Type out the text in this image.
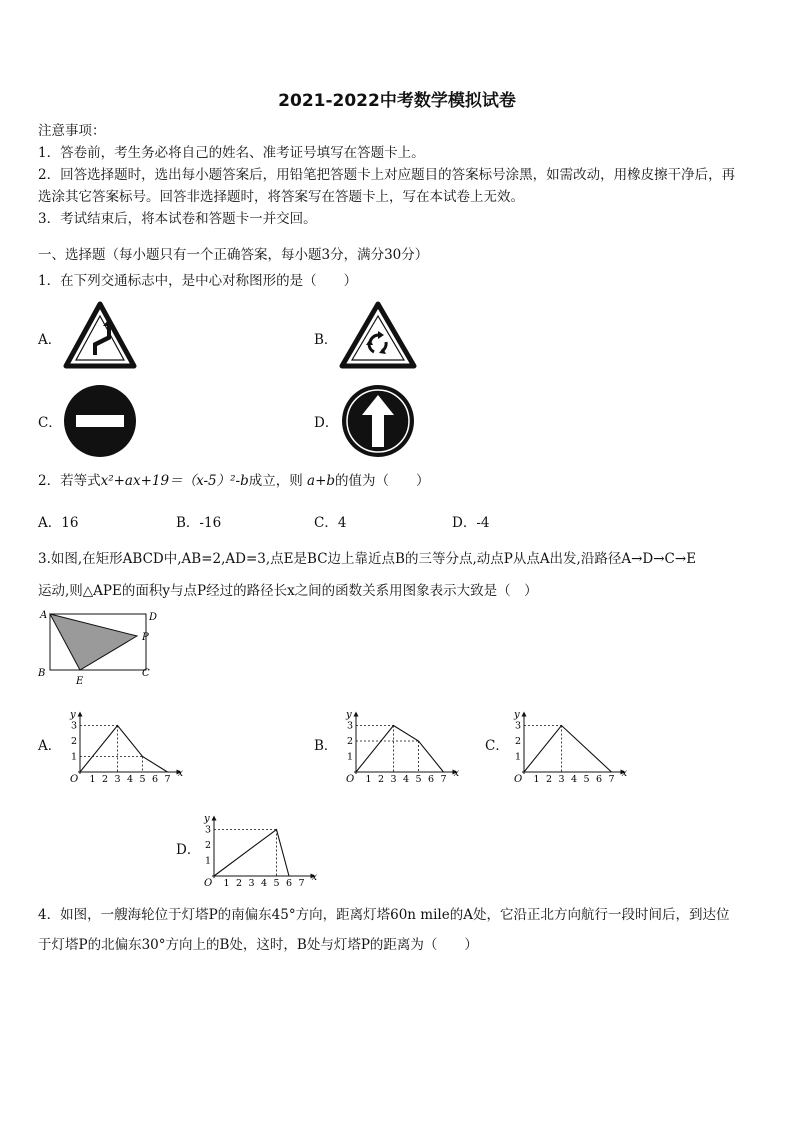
2021-2022中考数学模拟试卷
注意事项：
1．答卷前，考生务必将自己的姓名、准考证号填写在答题卡上。
2．回答选择题时，选出每小题答案后，用铅笔把答题卡上对应题目的答案标号涂黑，如需改动，用橡皮擦干净后，再
选涂其它答案标号。回答非选择题时，将答案写在答题卡上，写在本试卷上无效。
3．考试结束后，将本试卷和答题卡一并交回。
一、选择题（每小题只有一个正确答案，每小题3分，满分30分）
1．在下列交通标志中，是中心对称图形的是（　　）
A．	B．
C．	D．
2．若等式x²+ax+19＝（x-5）²-b成立，则 a+b的值为（　　）
A．16	B．-16	C．4	D．-4
3.如图,在矩形ABCD中,AB=2,AD=3,点E是BC边上靠近点B的三等分点,动点P从点A出发,沿路径A→D→C→E
运动,则△APE的面积y与点P经过的路径长x之间的函数关系用图象表示大致是（　）
A	D
P
B	C
E
A．
x
y
O 1 2 3 4 5 6 7
1
2
3
B．
x
y
O 1 2 3 4 5 6 7
1
2
3
C．
x
y
O 1 2 3 4 5 6 7
1
2
3
D．
x
y
O 1 2 3 4 5 6 7
1
2
3
4．如图，一艘海轮位于灯塔P的南偏东45°方向，距离灯塔60n mile的A处，它沿正北方向航行一段时间后，到达位
于灯塔P的北偏东30°方向上的B处，这时，B处与灯塔P的距离为（　　）
